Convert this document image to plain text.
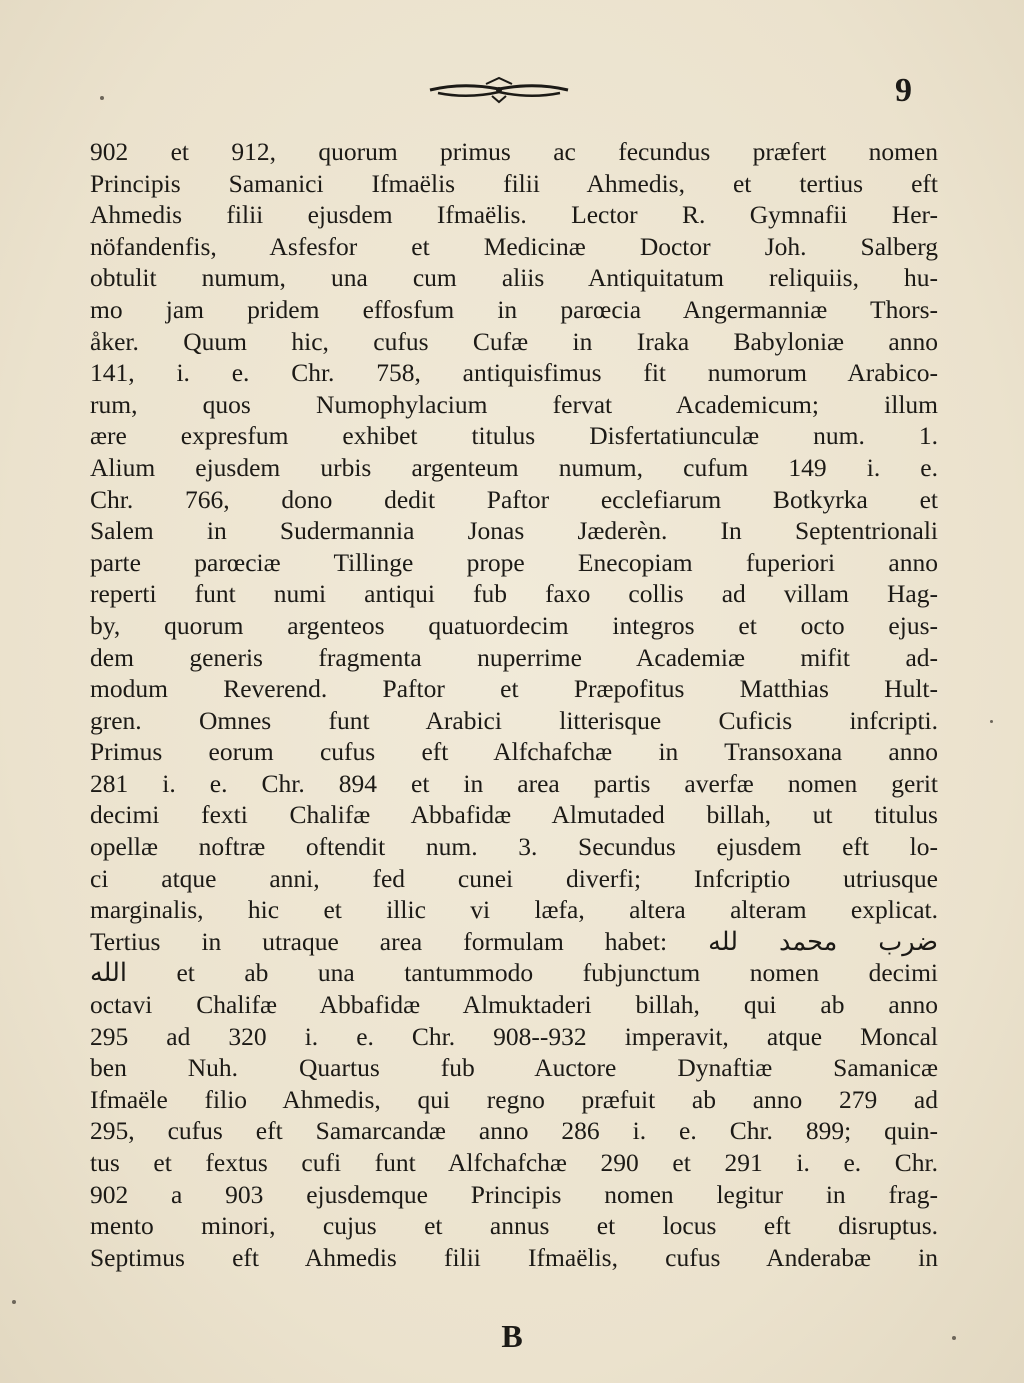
9
902 et 912, quorum primus ac fecundus præfert nomen
Principis Samanici Ifmaëlis filii Ahmedis, et tertius eft
Ahmedis filii ejusdem Ifmaëlis. Lector R. Gymnafii Her-
nöfandenfis, Asfesfor et Medicinæ Doctor Joh. Salberg
obtulit numum, una cum aliis Antiquitatum reliquiis, hu-
mo jam pridem effosfum in parœcia Angermanniæ Thors-
åker. Quum hic, cufus Cufæ in Iraka Babyloniæ anno
141, i. e. Chr. 758, antiquisfimus fit numorum Arabico-
rum, quos Numophylacium fervat Academicum; illum
ære expresfum exhibet titulus Disfertatiunculæ num. 1.
Alium ejusdem urbis argenteum numum, cufum 149 i. e.
Chr. 766, dono dedit Paftor ecclefiarum Botkyrka et
Salem in Sudermannia Jonas Jæderèn. In Septentrionali
parte parœciæ Tillinge prope Enecopiam fuperiori anno
reperti funt numi antiqui fub faxo collis ad villam Hag-
by, quorum argenteos quatuordecim integros et octo ejus-
dem generis fragmenta nuperrime Academiæ mifit ad-
modum Reverend. Paftor et Præpofitus Matthias Hult-
gren. Omnes funt Arabici litterisque Cuficis infcripti.
Primus eorum cufus eft Alfchafchæ in Transoxana anno
281 i. e. Chr. 894 et in area partis averfæ nomen gerit
decimi fexti Chalifæ Abbafidæ Almutaded billah, ut titulus
opellæ noftræ oftendit num. 3. Secundus ejusdem eft lo-
ci atque anni, fed cunei diverfi; Infcriptio utriusque
marginalis, hic et illic vi læfa, altera alteram explicat.
Tertius in utraque area formulam habet: ضرب محمد لله
الله et ab una tantummodo fubjunctum nomen decimi
octavi Chalifæ Abbafidæ Almuktaderi billah, qui ab anno
295 ad 320 i. e. Chr. 908--932 imperavit, atque Moncal
ben Nuh. Quartus fub Auctore Dynaftiæ Samanicæ
Ifmaële filio Ahmedis, qui regno præfuit ab anno 279 ad
295, cufus eft Samarcandæ anno 286 i. e. Chr. 899; quin-
tus et fextus cufi funt Alfchafchæ 290 et 291 i. e. Chr.
902 a 903 ejusdemque Principis nomen legitur in frag-
mento minori, cujus et annus et locus eft disruptus.
Septimus eft Ahmedis filii Ifmaëlis, cufus Anderabæ in
B
